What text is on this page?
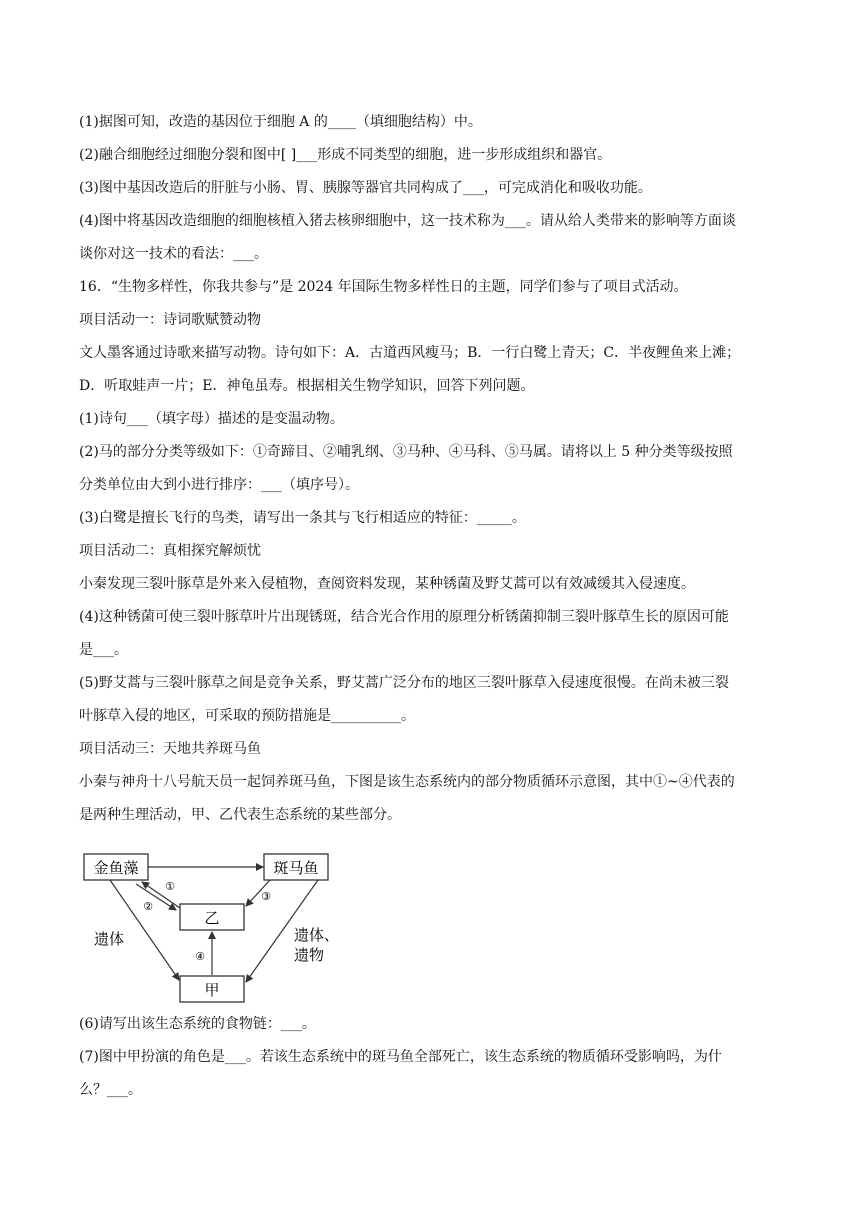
(1)据图可知，改造的基因位于细胞 A 的____（填细胞结构）中。
(2)融合细胞经过细胞分裂和图中[ ]___形成不同类型的细胞，进一步形成组织和器官。
(3)图中基因改造后的肝脏与小肠、胃、胰腺等器官共同构成了___，可完成消化和吸收功能。
(4)图中将基因改造细胞的细胞核植入猪去核卵细胞中，这一技术称为___。请从给人类带来的影响等方面谈
谈你对这一技术的看法：___。
16．“生物多样性，你我共参与”是 2024 年国际生物多样性日的主题，同学们参与了项目式活动。
项目活动一：诗词歌赋赞动物
文人墨客通过诗歌来描写动物。诗句如下：A．古道西风瘦马；B．一行白鹭上青天；C．半夜鲤鱼来上滩；
D．听取蛙声一片；E．神龟虽寿。根据相关生物学知识，回答下列问题。
(1)诗句___（填字母）描述的是变温动物。
(2)马的部分分类等级如下：①奇蹄目、②哺乳纲、③马种、④马科、⑤马属。请将以上 5 种分类等级按照
分类单位由大到小进行排序：___（填序号）。
(3)白鹭是擅长飞行的鸟类，请写出一条其与飞行相适应的特征：_____。
项目活动二：真相探究解烦忧
小秦发现三裂叶豚草是外来入侵植物，查阅资料发现，某种锈菌及野艾蒿可以有效减缓其入侵速度。
(4)这种锈菌可使三裂叶豚草叶片出现锈斑，结合光合作用的原理分析锈菌抑制三裂叶豚草生长的原因可能
是___。
(5)野艾蒿与三裂叶豚草之间是竞争关系，野艾蒿广泛分布的地区三裂叶豚草入侵速度很慢。在尚未被三裂
叶豚草入侵的地区，可采取的预防措施是__________。
项目活动三：天地共养斑马鱼
小秦与神舟十八号航天员一起饲养斑马鱼，下图是该生态系统内的部分物质循环示意图，其中①~④代表的
是两种生理活动，甲、乙代表生态系统的某些部分。
金鱼藻	斑马鱼
乙
甲
①
②
③
④
遗体	遗体、
遗物
(6)请写出该生态系统的食物链：___。
(7)图中甲扮演的角色是___。若该生态系统中的斑马鱼全部死亡，该生态系统的物质循环受影响吗，为什
么？___。
